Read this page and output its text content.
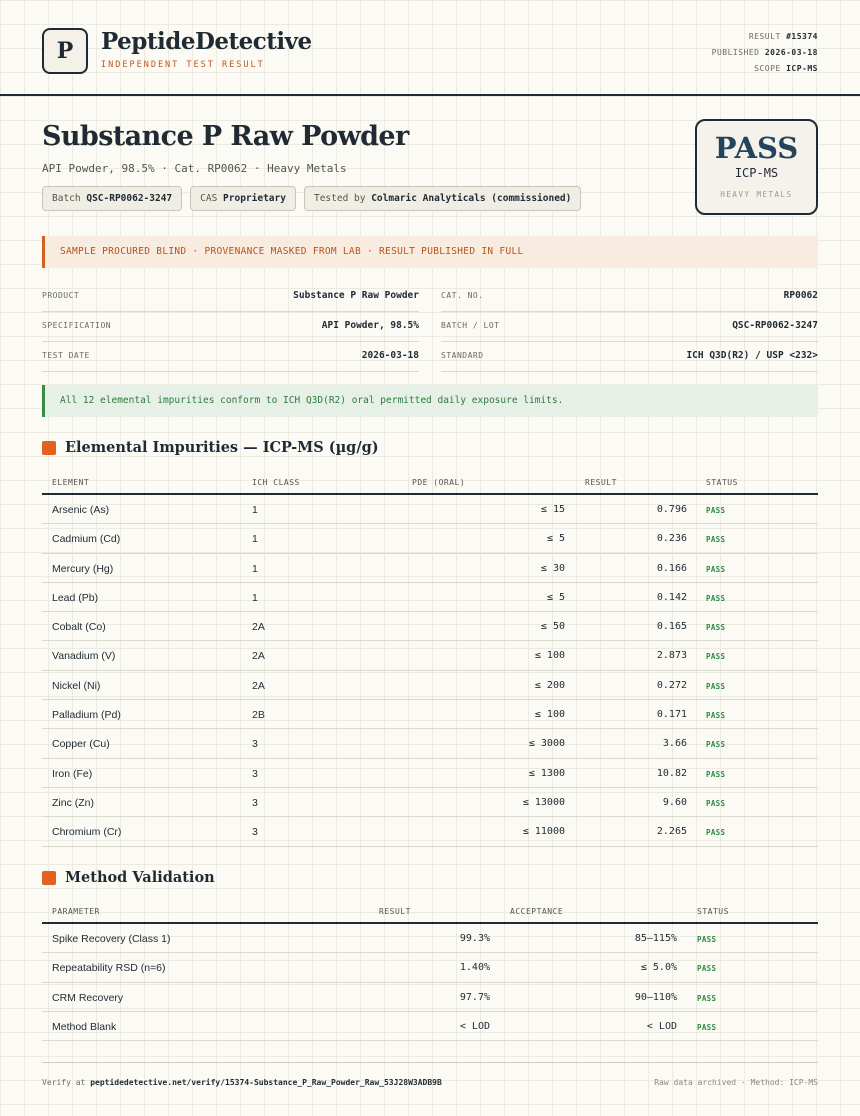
P	PeptideDetective
INDEPENDENT TEST RESULT
RESULT #15374
PUBLISHED 2026-03-18
SCOPE ICP-MS
Substance P Raw Powder
API Powder, 98.5% · Cat. RP0062 · Heavy Metals
Batch QSC-RP0062-3247	CAS Proprietary	Tested by Colmaric Analyticals (commissioned)
PASS
ICP-MS
HEAVY METALS
SAMPLE PROCURED BLIND · PROVENANCE MASKED FROM LAB · RESULT PUBLISHED IN FULL
PRODUCT	Substance P Raw Powder	CAT. NO.	RP0062
SPECIFICATION	API Powder, 98.5%	BATCH / LOT	QSC-RP0062-3247
TEST DATE	2026-03-18	STANDARD	ICH Q3D(R2) / USP <232>
All 12 elemental impurities conform to ICH Q3D(R2) oral permitted daily exposure limits.
Elemental Impurities — ICP-MS (µg/g)
ELEMENT	ICH CLASS	PDE (ORAL)	RESULT	STATUS
Arsenic (As)	1	≤ 15	0.796	PASS
Cadmium (Cd)	1	≤ 5	0.236	PASS
Mercury (Hg)	1	≤ 30	0.166	PASS
Lead (Pb)	1	≤ 5	0.142	PASS
Cobalt (Co)	2A	≤ 50	0.165	PASS
Vanadium (V)	2A	≤ 100	2.873	PASS
Nickel (Ni)	2A	≤ 200	0.272	PASS
Palladium (Pd)	2B	≤ 100	0.171	PASS
Copper (Cu)	3	≤ 3000	3.66	PASS
Iron (Fe)	3	≤ 1300	10.82	PASS
Zinc (Zn)	3	≤ 13000	9.60	PASS
Chromium (Cr)	3	≤ 11000	2.265	PASS
Method Validation
PARAMETER	RESULT	ACCEPTANCE	STATUS
Spike Recovery (Class 1)	99.3%	85–115%	PASS
Repeatability RSD (n=6)	1.40%	≤ 5.0%	PASS
CRM Recovery	97.7%	90–110%	PASS
Method Blank	< LOD	< LOD	PASS
Verify at peptidedetective.net/verify/15374-Substance_P_Raw_Powder_Raw_53J28W3ADB9B	Raw data archived · Method: ICP-MS
